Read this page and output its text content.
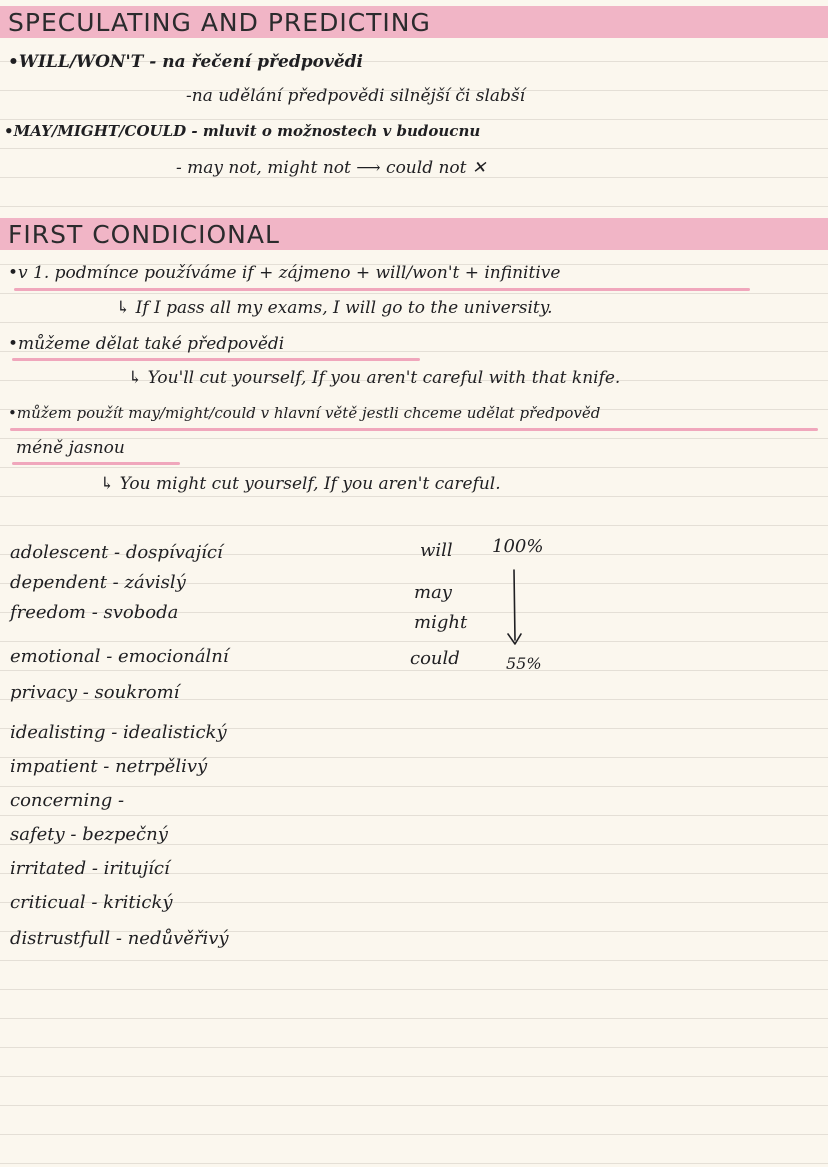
SPECULATING AND PREDICTING
•WILL/WON'T - na řečení předpovědi
-na udělání předpovědi silnější či slabší
•MAY/MIGHT/COULD - mluvit o možnostech v budoucnu
- may not, might not ⟶ could not ✕
FIRST CONDICIONAL
•v 1. podmínce používáme if + zájmeno + will/won't + infinitive
↳ If I pass all my exams, I will go to the university.
•můžeme dělat také předpovědi
↳ You'll cut yourself, If you aren't careful with that knife.
•můžem použít may/might/could v hlavní větě jestli chceme udělat předpověd
méně jasnou
↳ You might cut yourself, If you aren't careful.
adolescent - dospívající
dependent - závislý
freedom - svoboda
emotional - emocionální
privacy - soukromí
idealisting - idealistický
impatient - netrpělivý
concerning -
safety - bezpečný
irritated - iritující
criticual - kritický
distrustfull - nedůvěřivý
will 100%
may
might
could	55%
